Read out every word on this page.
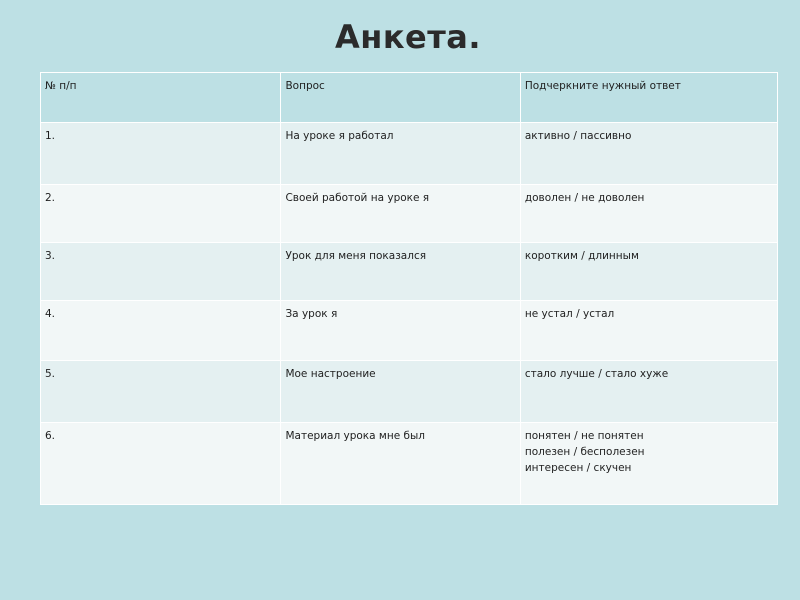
Анкета.
№ п/п	Вопрос	Подчеркните нужный ответ
1.	На уроке я работал	активно / пассивно

2.	Своей работой на уроке я	доволен / не доволен

3.	Урок для меня показался	коротким / длинным

4.	За урок я	не устал / устал

5.	Мое настроение	стало лучше / стало хуже

6.	Материал урока мне был	понятен / не понятен
полезен / бесполезен
интересен / скучен
